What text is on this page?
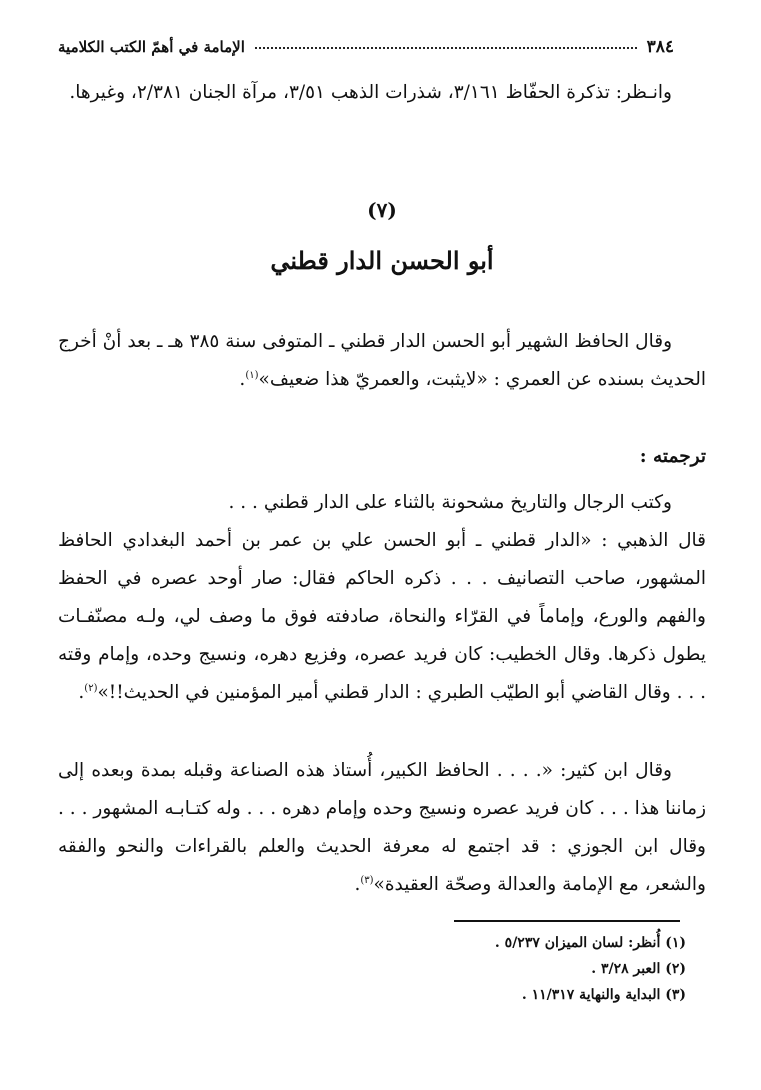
٣٨٤
الإمامة في أهمّ الكتب الكلامية
وانـظر: تذكرة الحفّاظ ٣/١٦١، شذرات الذهب ٣/٥١، مرآة الجنان ٢/٣٨١، وغيرها.
(٧)
أبو الحسن الدار قطني
وقال الحافظ الشهير أبو الحسن الدار قطني ـ المتوفى سنة ٣٨٥ هـ ـ بعد أنْ أخرج الحديث بسنده عن العمري : «لايثبت، والعمريّ هذا ضعيف»$^{(١)}$.
ترجمته :
وكتب الرجال والتاريخ مشحونة بالثناء على الدار قطني . . .
قال الذهبي : «الدار قطني ـ أبو الحسن علي بن عمر بن أحمد البغدادي الحافظ المشهور، صاحب التصانيف . . . ذكره الحاكم فقال: صار أوحد عصره في الحفظ والفهم والورع، وإماماً في القرّاء والنحاة، صادفته فوق ما وصف لي، ولـه مصنّفـات يطول ذكرها. وقال الخطيب: كان فريد عصره، وفزيع دهره، ونسيج وحده، وإمام وقته . . . وقال القاضي أبو الطيّب الطبري : الدار قطني أمير المؤمنين في الحديث!!»$^{(٢)}$.
وقال ابن كثير: «. . . . الحافظ الكبير، أُستاذ هذه الصناعة وقبله بمدة وبعده إلى زماننا هذا . . . كان فريد عصره ونسيج وحده وإمام دهره . . . وله كتـابـه المشهور . . . وقال ابن الجوزي : قد اجتمع له معرفة الحديث والعلم بالقراءات والنحو والفقه والشعر، مع الإمامة والعدالة وصحّة العقيدة»$^{(٣)}$.
(١) أُنظر: لسان الميزان ٥/٢٣٧ .
(٢) العبر ٣/٢٨ .
(٣) البداية والنهاية ١١/٣١٧ .
